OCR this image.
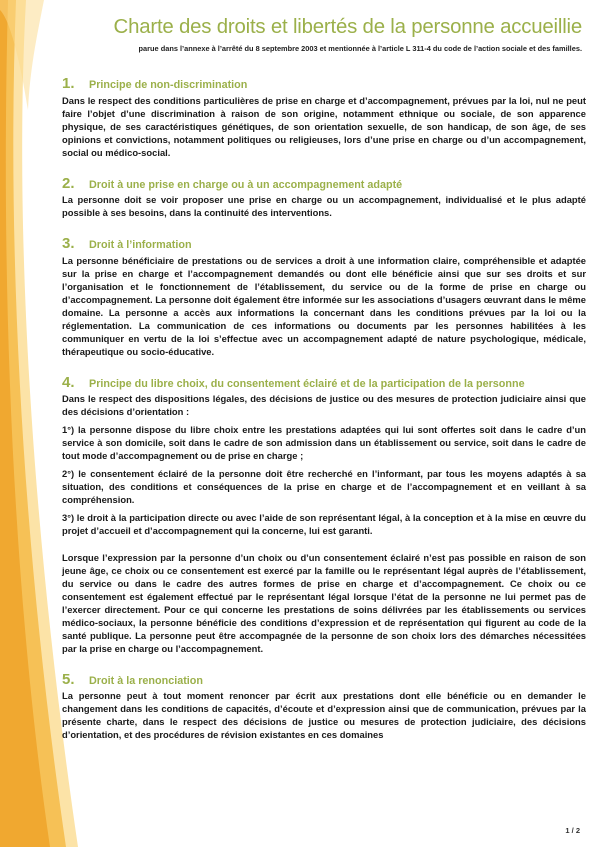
Charte des droits et libertés de la personne accueillie
parue dans l’annexe à l’arrêté du 8 septembre 2003 et mentionnée à l’article L 311-4 du code de l’action sociale et des familles.
1.	Principe de non-discrimination

Dans le respect des conditions particulières de prise en charge et d’accompagnement, prévues par la loi, nul ne peut faire l’objet d’une discrimination à raison de son origine, notamment ethnique ou sociale, de son apparence physique, de ses caractéristiques génétiques, de son orientation sexuelle, de son handicap, de son âge, de ses opinions et convictions, notamment politiques ou religieuses, lors d’une prise en charge ou d’un accompagnement, social ou médico-social.

2.	Droit à une prise en charge ou à un accompagnement adapté

La personne doit se voir proposer une prise en charge ou un accompagnement, individualisé et le plus adapté possible à ses besoins, dans la continuité des interventions.

3.	Droit à l’information

La personne bénéficiaire de prestations ou de services a droit à une information claire, compréhensible et adaptée sur la prise en charge et l’accompagnement demandés ou dont elle bénéficie ainsi que sur ses droits et sur l’organisation et le fonctionnement de l’établissement, du service ou de la forme de prise en charge ou d’accompagnement. La personne doit également être informée sur les associations d’usagers œuvrant dans le même domaine. La personne a accès aux informations la concernant dans les conditions prévues par la loi ou la réglementation. La communication de ces informations ou documents par les personnes habilitées à les communiquer en vertu de la loi s’effectue avec un accompagnement adapté de nature psychologique, médicale, thérapeutique ou socio-éducative.

4.	Principe du libre choix, du consentement éclairé et de la participation de la personne

Dans le respect des dispositions légales, des décisions de justice ou des mesures de protection judiciaire ainsi que des décisions d’orientation :

1°) la personne dispose du libre choix entre les prestations adaptées qui lui sont offertes soit dans le cadre d’un service à son domicile, soit dans le cadre de son admission dans un établissement ou service, soit dans le cadre de tout mode d’accompagnement ou de prise en charge ;

2°) le consentement éclairé de la personne doit être recherché en l’informant, par tous les moyens adaptés à sa situation, des conditions et conséquences de la prise en charge et de l’accompagnement et en veillant à sa compréhension.

3°) le droit à la participation directe ou avec l’aide de son représentant légal, à la conception et à la mise en œuvre du projet d’accueil et d’accompagnement qui la concerne, lui est garanti.

Lorsque l’expression par la personne d’un choix ou d’un consentement éclairé n’est pas possible en raison de son jeune âge, ce choix ou ce consentement est exercé par la famille ou le représentant légal auprès de l’établissement, du service ou dans le cadre des autres formes de prise en charge et d’accompagnement. Ce choix ou ce consentement est également effectué par le représentant légal lorsque l’état de la personne ne lui permet pas de l’exercer directement. Pour ce qui concerne les prestations de soins délivrées par les établissements ou services médico-sociaux, la personne bénéficie des conditions d’expression et de représentation qui figurent au code de la santé publique. La personne peut être accompagnée de la personne de son choix lors des démarches nécessitées par la prise en charge ou l’accompagnement.

5.	Droit à la renonciation

La personne peut à tout moment renoncer par écrit aux prestations dont elle bénéficie ou en demander le changement dans les conditions de capacités, d’écoute et d’expression ainsi que de communication, prévues par la présente charte, dans le respect des décisions de justice ou mesures de protection judiciaire, des décisions d’orientation, et des procédures de révision existantes en ces domaines

1 / 2
